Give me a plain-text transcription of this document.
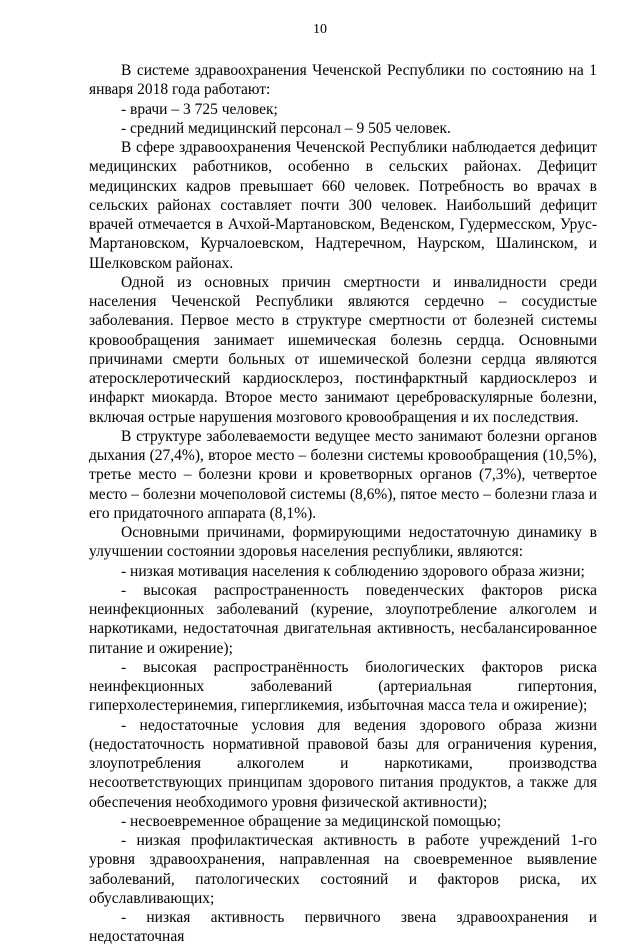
10

В системе здравоохранения Чеченской Республики по состоянию на 1 января 2018 года работают:

- врачи – 3 725 человек;

- средний медицинский персонал – 9 505 человек.

В сфере здравоохранения Чеченской Республики наблюдается дефицит медицинских работников, особенно в сельских районах. Дефицит медицинских кадров превышает 660 человек. Потребность во врачах в сельских районах составляет почти 300 человек. Наибольший дефицит врачей отмечается в Ачхой-Мартановском, Веденском, Гудермесском, Урус-Мартановском, Курчалоевском, Надтеречном, Наурском, Шалинском, и Шелковском районах.

Одной из основных причин смертности и инвалидности среди населения Чеченской Республики являются сердечно – сосудистые заболевания. Первое место в структуре смертности от болезней системы кровообращения занимает ишемическая болезнь сердца. Основными причинами смерти больных от ишемической болезни сердца являются атеросклеротический кардиосклероз, постинфарктный кардиосклероз и инфаркт миокарда. Второе место занимают цереброваскулярные болезни, включая острые нарушения мозгового кровообращения и их последствия.

В структуре заболеваемости ведущее место занимают болезни органов дыхания (27,4%), второе место – болезни системы кровообращения (10,5%), третье место – болезни крови и кроветворных органов (7,3%), четвертое место – болезни мочеполовой системы (8,6%), пятое место – болезни глаза и его придаточного аппарата (8,1%).

Основными причинами, формирующими недостаточную динамику в улучшении состоянии здоровья населения республики, являются:

- низкая мотивация населения к соблюдению здорового образа жизни;

- высокая распространенность поведенческих факторов риска неинфекционных заболеваний (курение, злоупотребление алкоголем и наркотиками, недостаточная двигательная активность, несбалансированное питание и ожирение);

- высокая распространённость биологических факторов риска неинфекционных заболеваний (артериальная гипертония, гиперхолестеринемия, гипергликемия, избыточная масса тела и ожирение);

- недостаточные условия для ведения здорового образа жизни (недостаточность нормативной правовой базы для ограничения курения, злоупотребления алкоголем и наркотиками, производства несоответствующих принципам здорового питания продуктов, а также для обеспечения необходимого уровня физической активности);

- несвоевременное обращение за медицинской помощью;

- низкая профилактическая активность в работе учреждений 1-го уровня здравоохранения, направленная на своевременное выявление заболеваний, патологических состояний и факторов риска, их обуславливающих;

- низкая активность первичного звена здравоохранения и недостаточная
